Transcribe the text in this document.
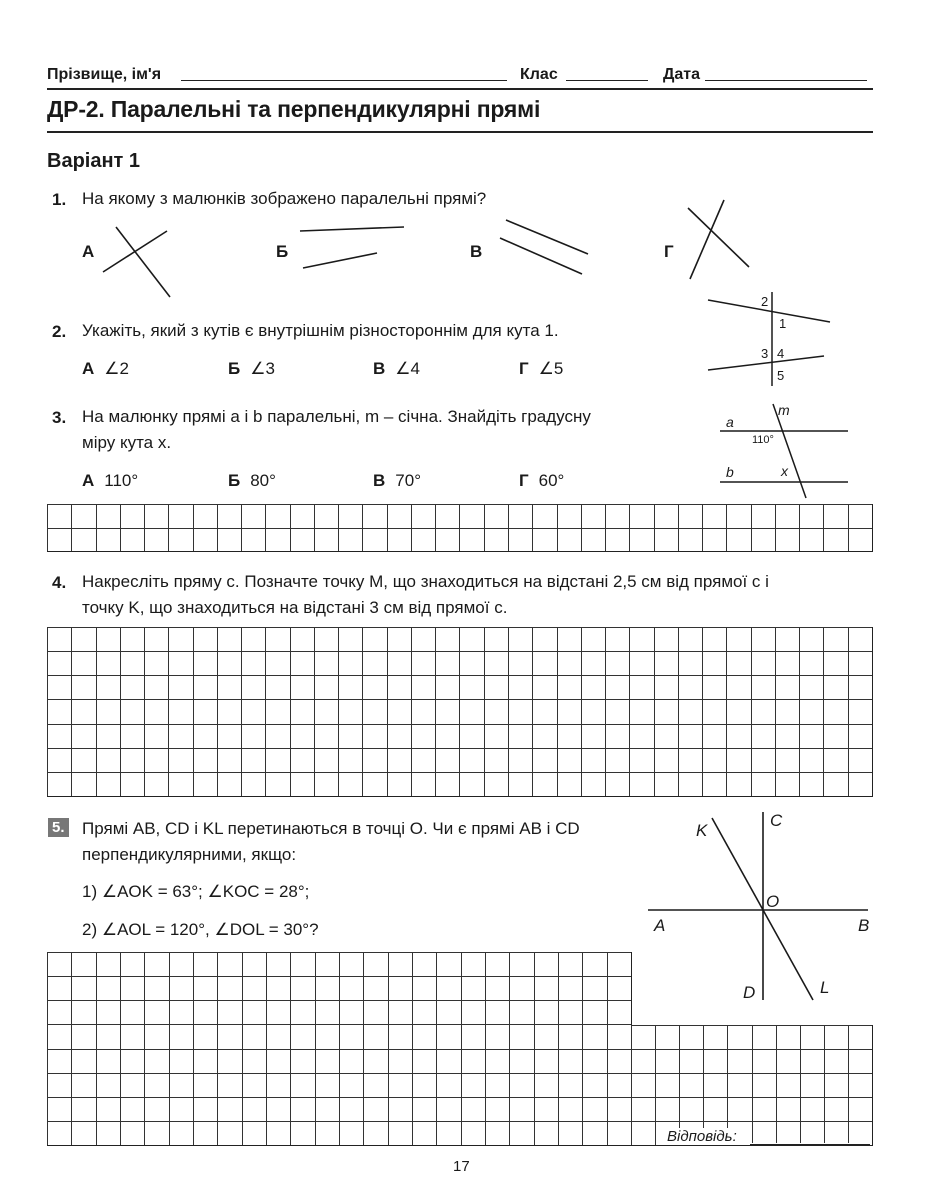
Прізвище, ім'я	Клас	Дата
ДР-2. Паралельні та перпендикулярні прямі
Варіант 1
1. На якому з малюнків зображено паралельні прямі?
А	Б	В	Г
2. Укажіть, який з кутів є внутрішнім різностороннім для кута 1.
А ∠2	Б ∠3	В ∠4	Г ∠5
2
1
3 4
5
3. На малюнку прямі a і b паралельні, m – січна. Знайдіть градусну
міру кута x.
А 110°	Б 80°	В 70°	Г 60°
a
m
b	x
110°
4. Накресліть пряму c. Позначте точку M, що знаходиться на відстані 2,5 см від прямої c і
точку K, що знаходиться на відстані 3 см від прямої c.
5. Прямі AB, CD і KL перетинаються в точці O. Чи є прямі AB і CD
перпендикулярними, якщо:
1) ∠AOK = 63°; ∠KOC = 28°;
2) ∠AOL = 120°, ∠DOL = 30°?
K
C
O
A	B
D	L
Відповідь:
17
